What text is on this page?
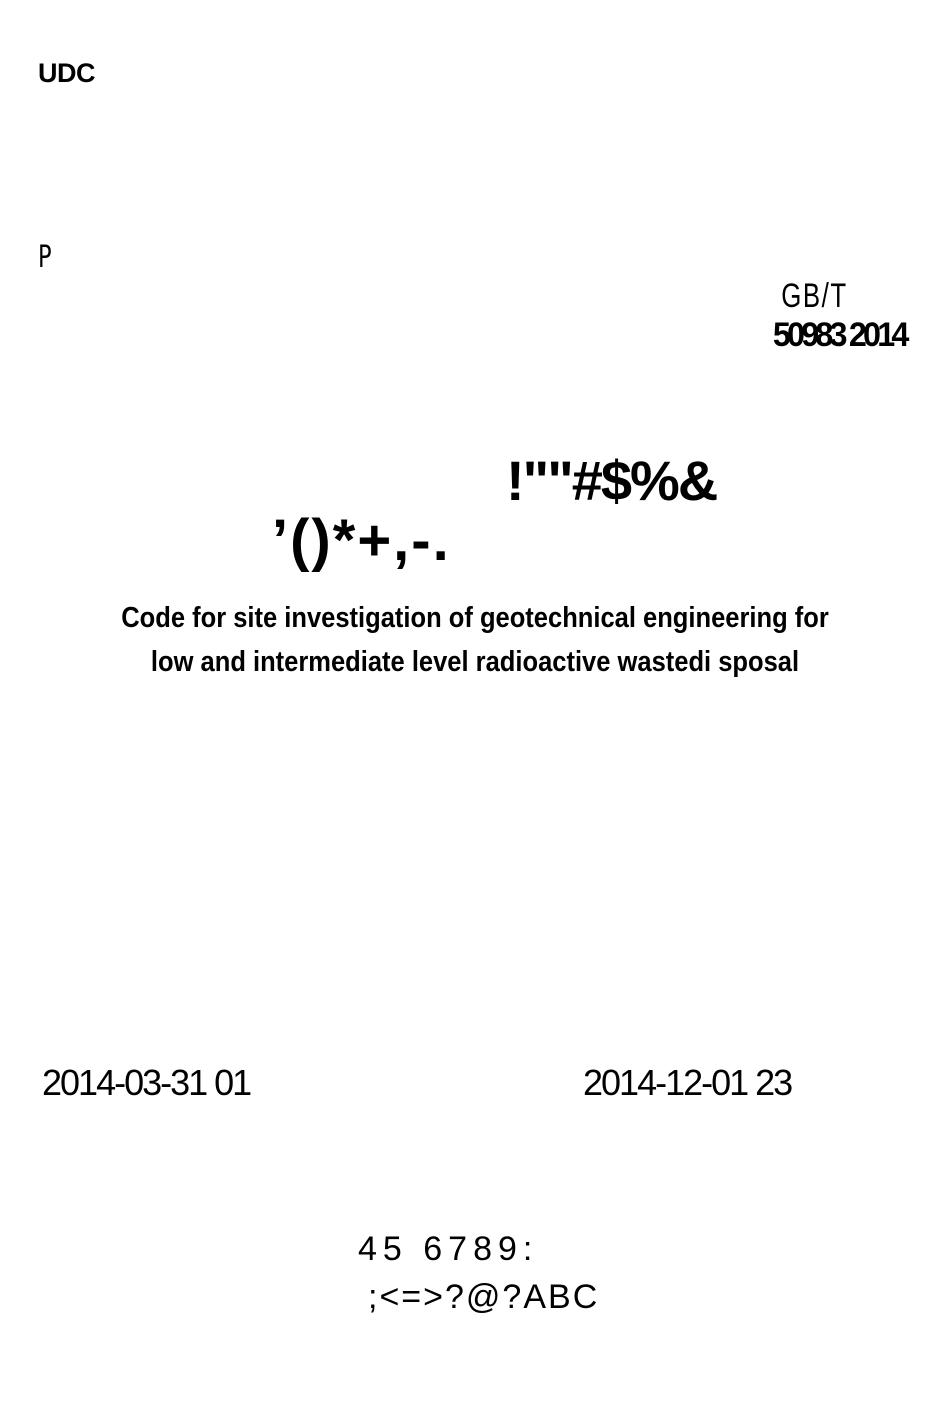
UDC
P

GB/T
50983 2014

!""#$%&
’()*+,-.
Code for site investigation of geotechnical engineering for
low and intermediate level radioactive wastedi sposal
2014-03-31 01	2014-12-01 23
45 6789:
;<=>?@?ABC
